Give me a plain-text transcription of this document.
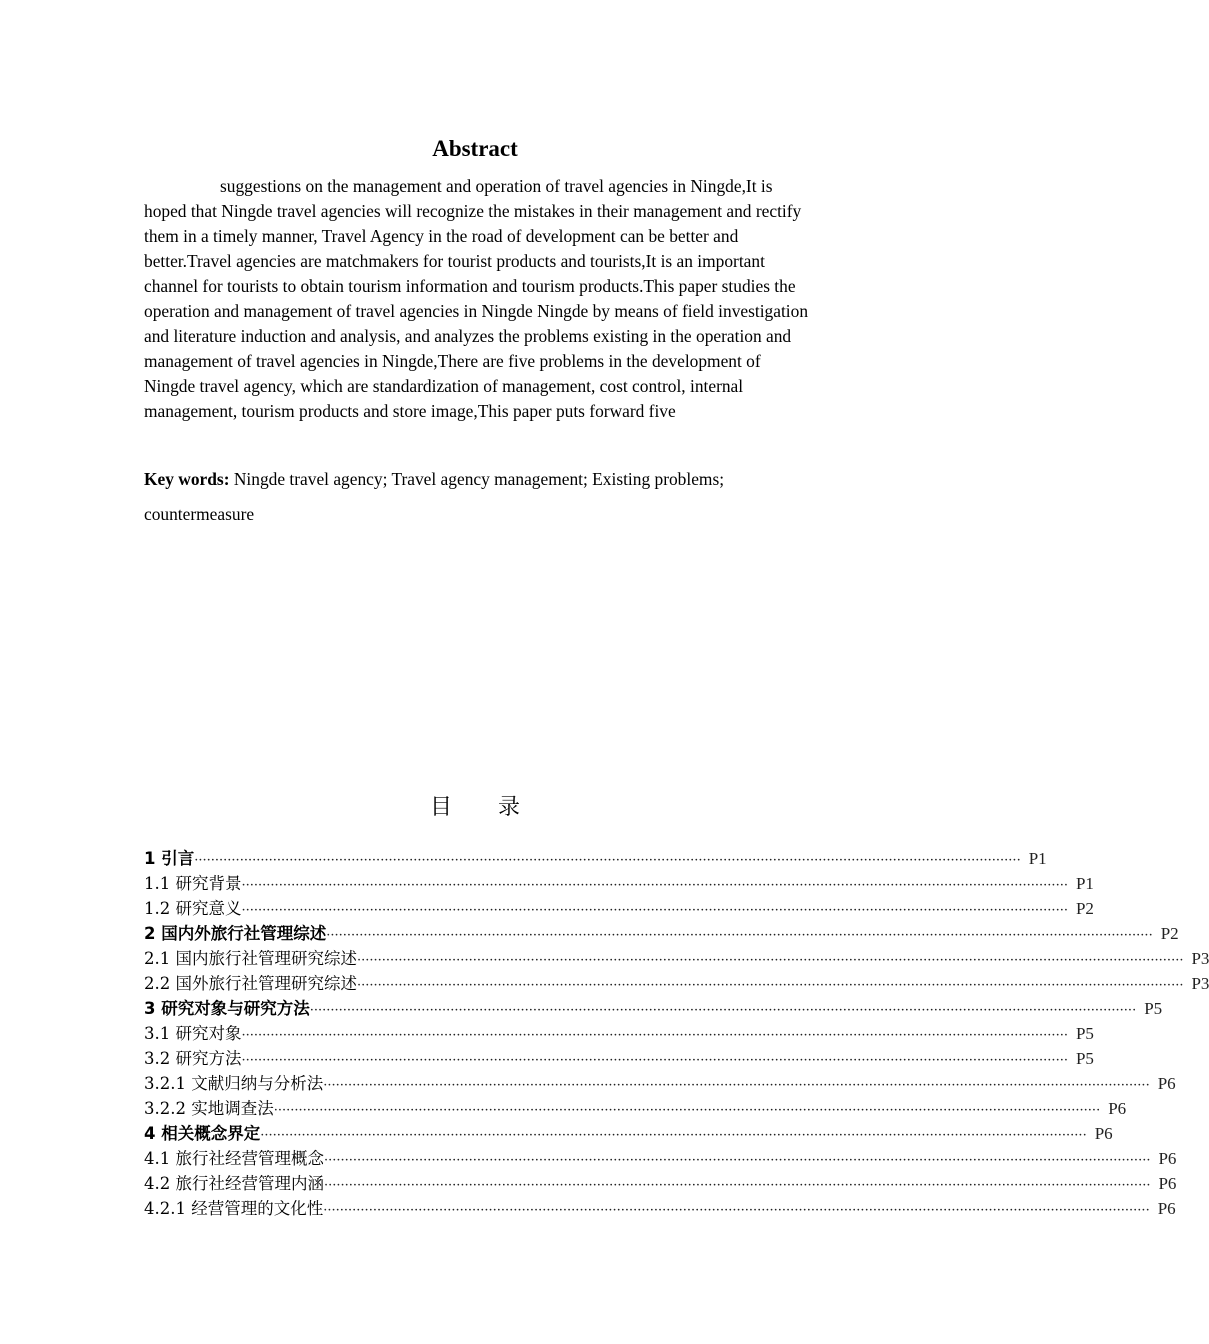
Abstract

suggestions on the management and operation of travel agencies in Ningde,It is hoped that Ningde travel agencies will recognize the mistakes in their management and rectify them in a timely manner, Travel Agency in the road of development can be better and better.Travel agencies are matchmakers for tourist products and tourists,It is an important channel for tourists to obtain tourism information and tourism products.This paper studies the operation and management of travel agencies in Ningde Ningde by means of field investigation and literature induction and analysis, and analyzes the problems existing in the operation and management of travel agencies in Ningde,There are five problems in the development of Ningde travel agency, which are standardization of management, cost control, internal management, tourism products and store image,This paper puts forward five

Key words: Ningde travel agency; Travel agency management; Existing problems; countermeasure

目录
1 引言 ········································································································································································································ P1
1.1 研究背景 ········································································································································································································ P1
1.2 研究意义 ········································································································································································································ P2
2 国内外旅行社管理综述 ········································································································································································································ P2
2.1 国内旅行社管理研究综述 ········································································································································································································ P3
2.2 国外旅行社管理研究综述 ········································································································································································································ P3
3 研究对象与研究方法 ········································································································································································································ P5
3.1 研究对象 ········································································································································································································ P5
3.2 研究方法 ········································································································································································································ P5
3.2.1 文献归纳与分析法 ········································································································································································································ P6
3.2.2 实地调查法 ········································································································································································································ P6
4 相关概念界定 ········································································································································································································ P6
4.1 旅行社经营管理概念 ········································································································································································································ P6
4.2 旅行社经营管理内涵 ········································································································································································································ P6
4.2.1 经营管理的文化性 ········································································································································································································ P6
